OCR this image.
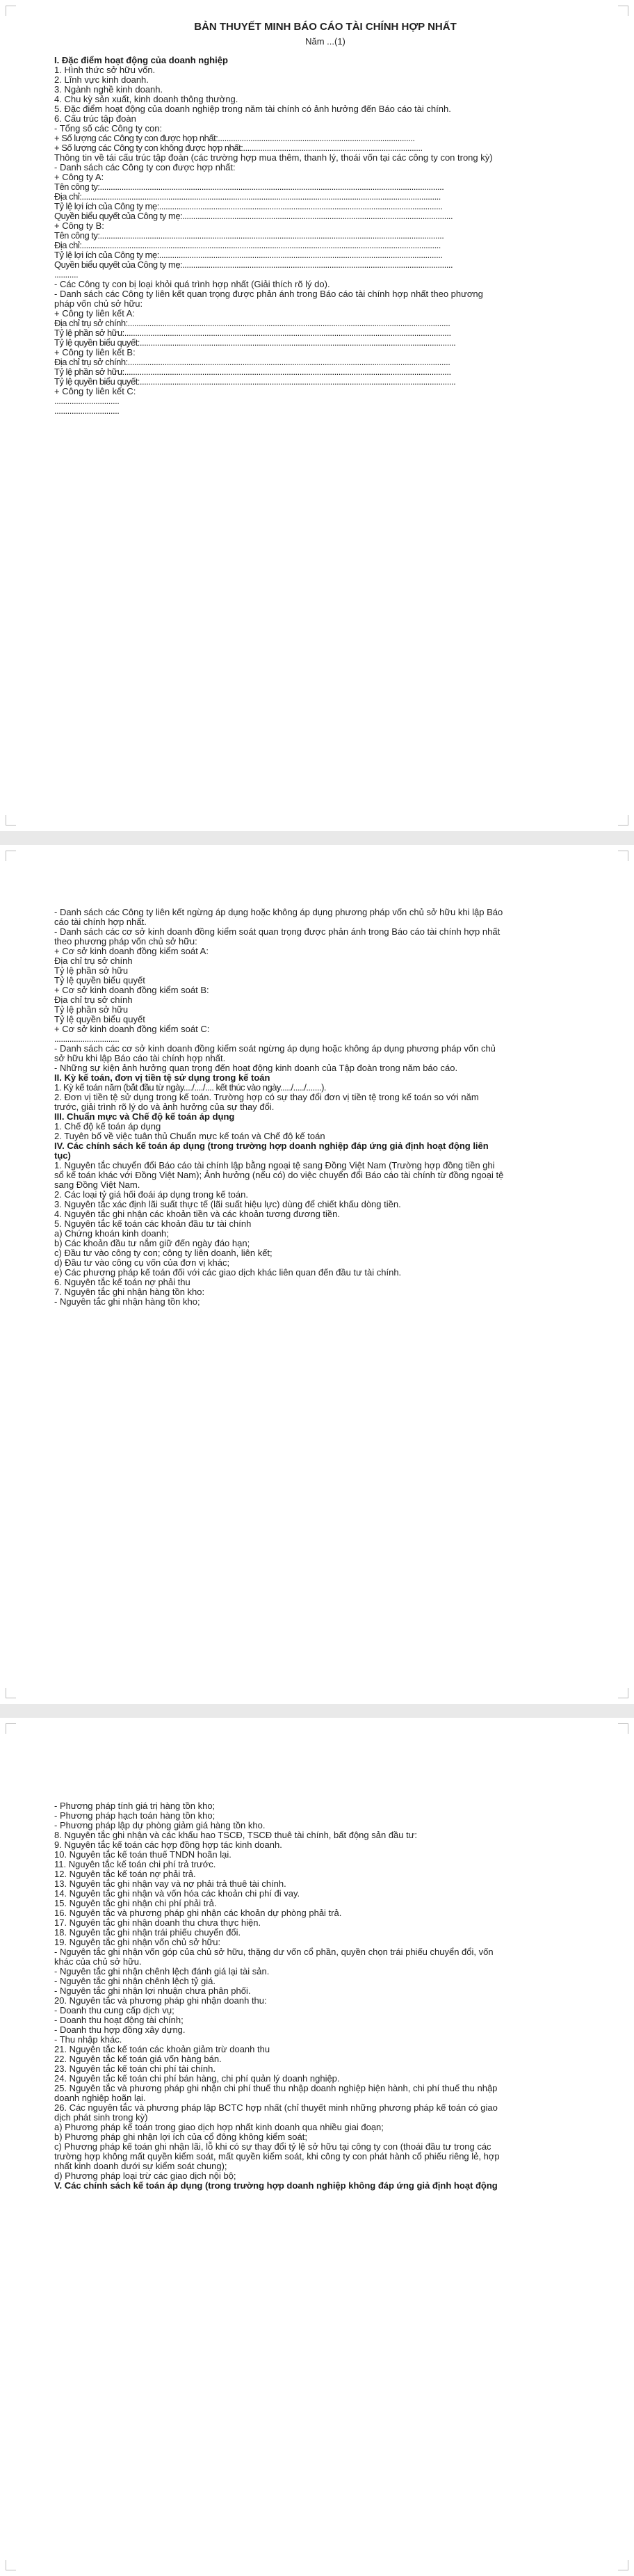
BẢN THUYẾT MINH BÁO CÁO TÀI CHÍNH HỢP NHẤT
Năm ...(1)
I. Đặc điểm hoạt động của doanh nghiệp
1. Hình thức sở hữu vốn.
2. Lĩnh vực kinh doanh.
3. Ngành nghề kinh doanh.
4. Chu kỳ sản xuất, kinh doanh thông thường.
5. Đặc điểm hoạt động của doanh nghiệp trong năm tài chính có ảnh hưởng đến Báo cáo tài chính.
6. Cấu trúc tập đoàn
- Tổng số các Công ty con:
+ Số lượng các Công ty con được hợp nhất:...........................................................................................
+ Số lượng các Công ty con không được hợp nhất:...................................................................................
Thông tin về tái cấu trúc tập đoàn (các trường hợp mua thêm, thanh lý, thoái vốn tại các công ty con trong kỳ)
- Danh sách các Công ty con được hợp nhất:
+ Công ty A:
Tên công ty:...............................................................................................................................................................
Địa chỉ:......................................................................................................................................................................
Tỷ lệ lợi ích của Công ty mẹ:...................................................................................................................................
Quyền biểu quyết của Công ty mẹ:.............................................................................................................................
+ Công ty B:
Tên công ty:...............................................................................................................................................................
Địa chỉ:......................................................................................................................................................................
Tỷ lệ lợi ích của Công ty mẹ:...................................................................................................................................
Quyền biểu quyết của Công ty mẹ:.............................................................................................................................
...........
- Các Công ty con bị loại khỏi quá trình hợp nhất (Giải thích rõ lý do).
- Danh sách các Công ty liên kết quan trọng được phản ánh trong Báo cáo tài chính hợp nhất theo phương
pháp vốn chủ sở hữu:
+ Công ty liên kết A:
Địa chỉ trụ sở chính:.....................................................................................................................................................
Tỷ lệ phần sở hữu:.......................................................................................................................................................
Tỷ lệ quyền biểu quyết:..................................................................................................................................................
+ Công ty liên kết B:
Địa chỉ trụ sở chính:.....................................................................................................................................................
Tỷ lệ phần sở hữu:.......................................................................................................................................................
Tỷ lệ quyền biểu quyết:..................................................................................................................................................
+ Công ty liên kết C:
..............................
..............................
- Danh sách các Công ty liên kết ngừng áp dụng hoặc không áp dụng phương pháp vốn chủ sở hữu khi lập Báo
cáo tài chính hợp nhất.
- Danh sách các cơ sở kinh doanh đồng kiểm soát quan trọng được phản ánh trong Báo cáo tài chính hợp nhất
theo phương pháp vốn chủ sở hữu:
+ Cơ sở kinh doanh đồng kiểm soát A:
Địa chỉ trụ sở chính
Tỷ lệ phần sở hữu
Tỷ lệ quyền biểu quyết
+ Cơ sở kinh doanh đồng kiểm soát B:
Địa chỉ trụ sở chính
Tỷ lệ phần sở hữu
Tỷ lệ quyền biểu quyết
+ Cơ sở kinh doanh đồng kiểm soát C:
..............................
- Danh sách các cơ sở kinh doanh đồng kiểm soát ngừng áp dụng hoặc không áp dụng phương pháp vốn chủ
sở hữu khi lập Báo cáo tài chính hợp nhất.
- Những sự kiện ảnh hưởng quan trọng đến hoạt động kinh doanh của Tập đoàn trong năm báo cáo.
II. Kỳ kế toán, đơn vị tiền tệ sử dụng trong kế toán
1. Kỳ kế toán năm (bắt đầu từ ngày..../..../.... kết thúc vào ngày...../...../.......).
2. Đơn vị tiền tệ sử dụng trong kế toán. Trường hợp có sự thay đổi đơn vị tiền tệ trong kế toán so với năm
trước, giải trình rõ lý do và ảnh hưởng của sự thay đổi.
III. Chuẩn mực và Chế độ kế toán áp dụng
1. Chế độ kế toán áp dụng
2. Tuyên bố về việc tuân thủ Chuẩn mực kế toán và Chế độ kế toán
IV. Các chính sách kế toán áp dụng (trong trường hợp doanh nghiệp đáp ứng giả định hoạt động liên
tục)
1. Nguyên tắc chuyển đổi Báo cáo tài chính lập bằng ngoại tệ sang Đồng Việt Nam (Trường hợp đồng tiền ghi
sổ kế toán khác với Đồng Việt Nam); Ảnh hưởng (nếu có) do việc chuyển đổi Báo cáo tài chính từ đồng ngoại tệ
sang Đồng Việt Nam.
2. Các loại tỷ giá hối đoái áp dụng trong kế toán.
3. Nguyên tắc xác định lãi suất thực tế (lãi suất hiệu lực) dùng để chiết khấu dòng tiền.
4. Nguyên tắc ghi nhận các khoản tiền và các khoản tương đương tiền.
5. Nguyên tắc kế toán các khoản đầu tư tài chính
a) Chứng khoán kinh doanh;
b) Các khoản đầu tư nắm giữ đến ngày đáo hạn;
c) Đầu tư vào công ty con; công ty liên doanh, liên kết;
d) Đầu tư vào công cụ vốn của đơn vị khác;
e) Các phương pháp kế toán đối với các giao dịch khác liên quan đến đầu tư tài chính.
6. Nguyên tắc kế toán nợ phải thu
7. Nguyên tắc ghi nhận hàng tồn kho:
- Nguyên tắc ghi nhận hàng tồn kho;
- Phương pháp tính giá trị hàng tồn kho;
- Phương pháp hạch toán hàng tồn kho;
- Phương pháp lập dự phòng giảm giá hàng tồn kho.
8. Nguyên tắc ghi nhận và các khấu hao TSCĐ, TSCĐ thuê tài chính, bất động sản đầu tư:
9. Nguyên tắc kế toán các hợp đồng hợp tác kinh doanh.
10. Nguyên tắc kế toán thuế TNDN hoãn lại.
11. Nguyên tắc kế toán chi phí trả trước.
12. Nguyên tắc kế toán nợ phải trả.
13. Nguyên tắc ghi nhận vay và nợ phải trả thuê tài chính.
14. Nguyên tắc ghi nhận và vốn hóa các khoản chi phí đi vay.
15. Nguyên tắc ghi nhận chi phí phải trả.
16. Nguyên tắc và phương pháp ghi nhận các khoản dự phòng phải trả.
17. Nguyên tắc ghi nhận doanh thu chưa thực hiện.
18. Nguyên tắc ghi nhận trái phiếu chuyển đổi.
19. Nguyên tắc ghi nhận vốn chủ sở hữu:
- Nguyên tắc ghi nhận vốn góp của chủ sở hữu, thặng dư vốn cổ phần, quyền chọn trái phiếu chuyển đổi, vốn
khác của chủ sở hữu.
- Nguyên tắc ghi nhận chênh lệch đánh giá lại tài sản.
- Nguyên tắc ghi nhận chênh lệch tỷ giá.
- Nguyên tắc ghi nhận lợi nhuận chưa phân phối.
20. Nguyên tắc và phương pháp ghi nhận doanh thu:
- Doanh thu cung cấp dịch vụ;
- Doanh thu hoạt động tài chính;
- Doanh thu hợp đồng xây dựng.
- Thu nhập khác.
21. Nguyên tắc kế toán các khoản giảm trừ doanh thu
22. Nguyên tắc kế toán giá vốn hàng bán.
23. Nguyên tắc kế toán chi phí tài chính.
24. Nguyên tắc kế toán chi phí bán hàng, chi phí quản lý doanh nghiệp.
25. Nguyên tắc và phương pháp ghi nhận chi phí thuế thu nhập doanh nghiệp hiện hành, chi phí thuế thu nhập
doanh nghiệp hoãn lại.
26. Các nguyên tắc và phương pháp lập BCTC hợp nhất (chỉ thuyết minh những phương pháp kế toán có giao
dịch phát sinh trong kỳ)
a) Phương pháp kế toán trong giao dịch hợp nhất kinh doanh qua nhiều giai đoạn;
b) Phương pháp ghi nhận lợi ích của cổ đông không kiểm soát;
c) Phương pháp kế toán ghi nhận lãi, lỗ khi có sự thay đổi tỷ lệ sở hữu tại công ty con (thoái đầu tư trong các
trường hợp không mất quyền kiểm soát, mất quyền kiểm soát, khi công ty con phát hành cổ phiếu riêng lẻ, hợp
nhất kinh doanh dưới sự kiểm soát chung);
d) Phương pháp loại trừ các giao dịch nội bộ;
V. Các chính sách kế toán áp dụng (trong trường hợp doanh nghiệp không đáp ứng giả định hoạt động
